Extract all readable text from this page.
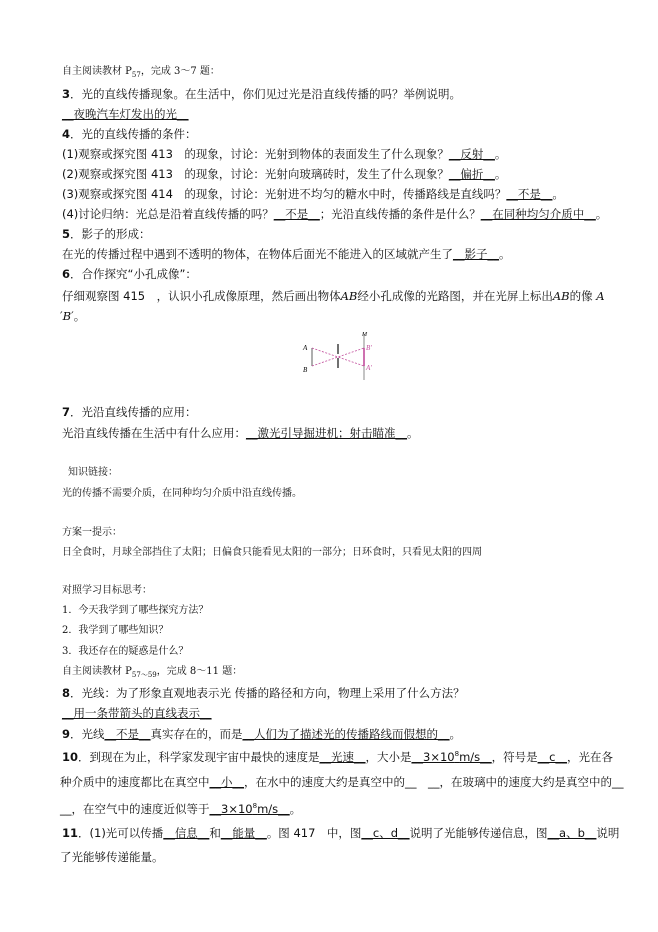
自主阅读教材 $P_{57}$，完成 3～7 题：
3．光的直线传播现象。在生活中，你们见过光是沿直线传播的吗？举例说明。
__夜晚汽车灯发出的光__
4．光的直线传播的条件：
(1)观察或探究图 413　的现象，讨论：光射到物体的表面发生了什么现象？__反射__。
(2)观察或探究图 413　的现象，讨论：光射向玻璃砖时，发生了什么现象？__偏折__。
(3)观察或探究图 414　的现象，讨论：光射进不均匀的糖水中时，传播路线是直线吗？__不是__。
(4)讨论归纳：光总是沿着直线传播的吗？__不是__；光沿直线传播的条件是什么？__在同种均匀介质中__。
5．影子的形成：
在光的传播过程中遇到不透明的物体，在物体后面光不能进入的区域就产生了__影子__。
6．合作探究“小孔成像”：
仔细观察图 415　，认识小孔成像原理，然后画出物体AB经小孔成像的光路图，并在光屏上标出AB的像 A
′B′。
A
B
M
B′
A′
7．光沿直线传播的应用：
光沿直线传播在生活中有什么应用：__激光引导掘进机；射击瞄准__。
知识链接：
光的传播不需要介质，在同种均匀介质中沿直线传播。
方案一提示：
日全食时，月球全部挡住了太阳；日偏食只能看见太阳的一部分；日环食时，只看见太阳的四周
对照学习目标思考：
1．今天我学到了哪些探究方法？
2．我学到了哪些知识？
3．我还存在的疑惑是什么？
自主阅读教材 $P_{57\sim 59}$，完成 8～11 题：
8．光线：为了形象直观地表示光 传播的路径和方向，物理上采用了什么方法？
__用一条带箭头的直线表示__
9．光线__不是__真实存在的，而是__人们为了描述光的传播路线而假想的__。
10．到现在为止，科学家发现宇宙中最快的速度是__光速__，大小是$\_\_3\times 10^8m/s\_\_$，符号是__c__，光在各
种介质中的速度都比在真空中__小__，在水中的速度大约是真空中的__　__，在玻璃中的速度大约是真空中的__
__，在空气中的速度近似等于$\_\_3\times 10^8m/s\_\_$。
11．(1)光可以传播__信息__和__能量__。图 417　中，图__c、d__说明了光能够传递信息，图__a、b__说明
了光能够传递能量。
